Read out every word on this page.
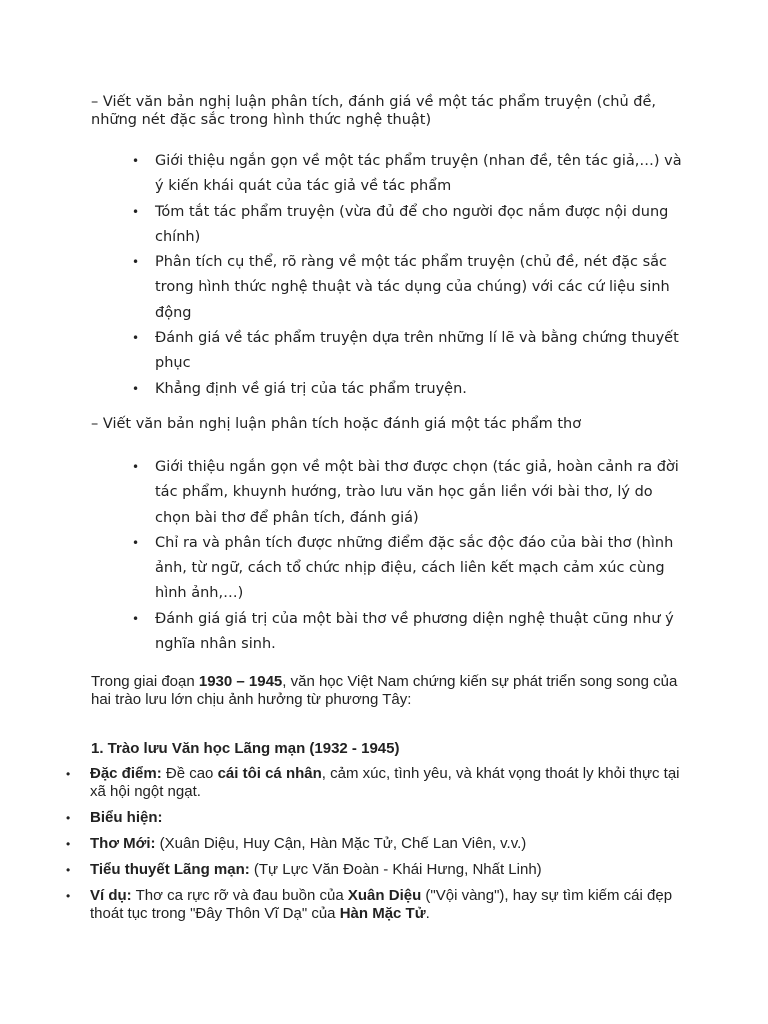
– Viết văn bản nghị luận phân tích, đánh giá về một tác phẩm truyện (chủ đề, những nét đặc sắc trong hình thức nghệ thuật)

• Giới thiệu ngắn gọn về một tác phẩm truyện (nhan đề, tên tác giả,…) và ý kiến khái quát của tác giả về tác phẩm
• Tóm tắt tác phẩm truyện (vừa đủ để cho người đọc nắm được nội dung chính)
• Phân tích cụ thể, rõ ràng về một tác phẩm truyện (chủ đề, nét đặc sắc trong hình thức nghệ thuật và tác dụng của chúng) với các cứ liệu sinh động
• Đánh giá về tác phẩm truyện dựa trên những lí lẽ và bằng chứng thuyết phục
• Khẳng định về giá trị của tác phẩm truyện.

– Viết văn bản nghị luận phân tích hoặc đánh giá một tác phẩm thơ

• Giới thiệu ngắn gọn về một bài thơ được chọn (tác giả, hoàn cảnh ra đời tác phẩm, khuynh hướng, trào lưu văn học gắn liền với bài thơ, lý do chọn bài thơ để phân tích, đánh giá)
• Chỉ ra và phân tích được những điểm đặc sắc độc đáo của bài thơ (hình ảnh, từ ngữ, cách tổ chức nhịp điệu, cách liên kết mạch cảm xúc cùng hình ảnh,…)
• Đánh giá giá trị của một bài thơ về phương diện nghệ thuật cũng như ý nghĩa nhân sinh.

Trong giai đoạn 1930 – 1945, văn học Việt Nam chứng kiến sự phát triển song song của hai trào lưu lớn chịu ảnh hưởng từ phương Tây:

1. Trào lưu Văn học Lãng mạn (1932 - 1945)

• Đặc điểm: Đề cao cái tôi cá nhân, cảm xúc, tình yêu, và khát vọng thoát ly khỏi thực tại xã hội ngột ngạt.
• Biểu hiện:
• Thơ Mới: (Xuân Diệu, Huy Cận, Hàn Mặc Tử, Chế Lan Viên, v.v.)
• Tiểu thuyết Lãng mạn: (Tự Lực Văn Đoàn - Khái Hưng, Nhất Linh)
• Ví dụ: Thơ ca rực rỡ và đau buồn của Xuân Diệu ("Vội vàng"), hay sự tìm kiếm cái đẹp thoát tục trong "Đây Thôn Vĩ Dạ" của Hàn Mặc Tử.
